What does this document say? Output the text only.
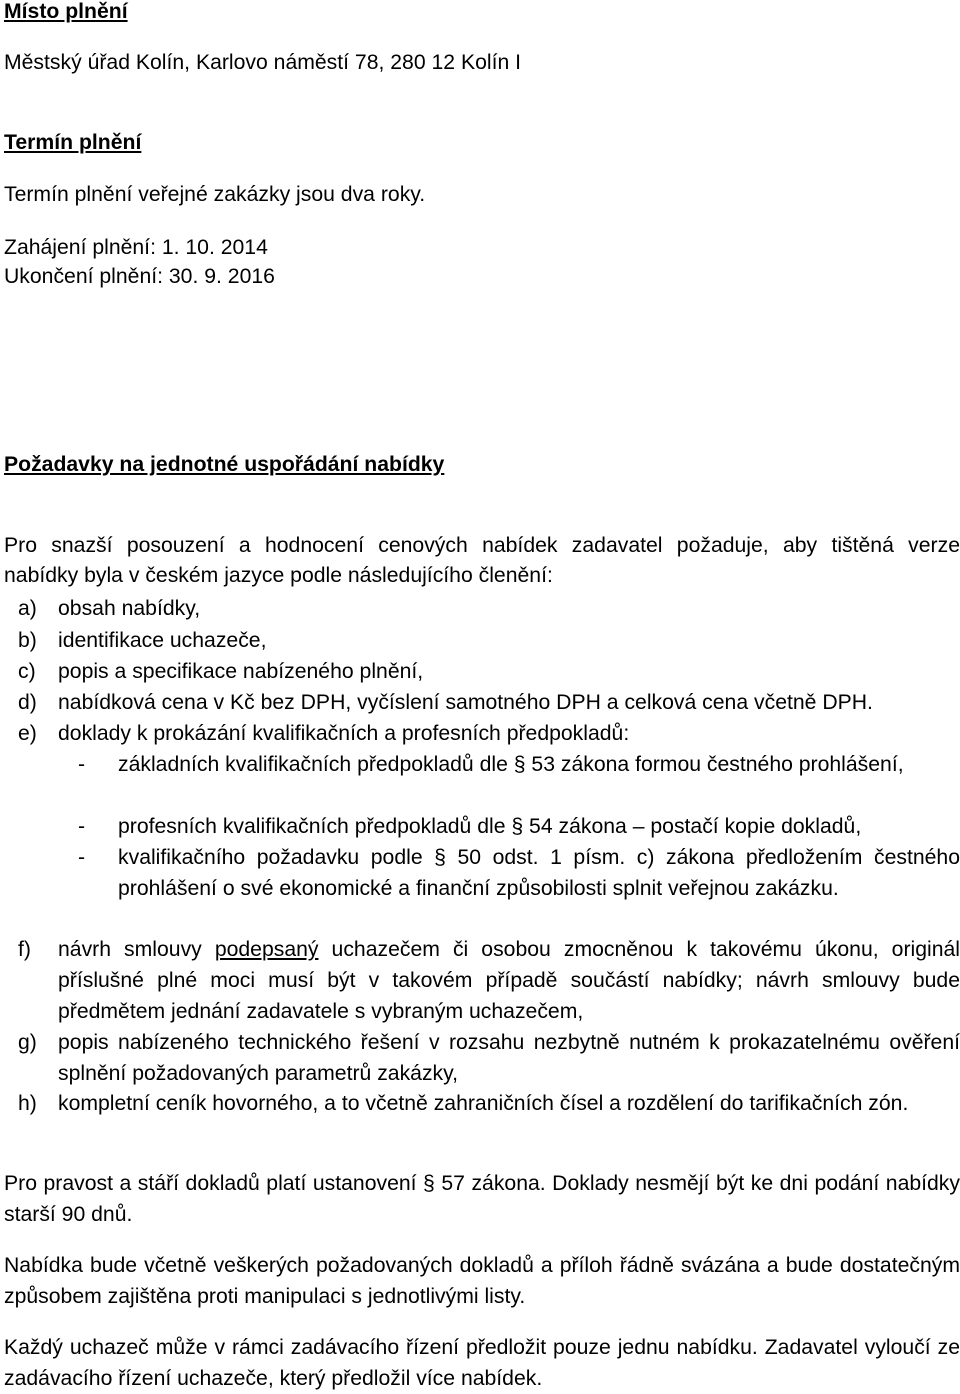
Místo plnění
Městský úřad Kolín, Karlovo náměstí 78, 280 12 Kolín I
Termín plnění
Termín plnění veřejné zakázky jsou dva roky.
Zahájení plnění: 1. 10. 2014
Ukončení plnění: 30. 9. 2016
Požadavky na jednotné uspořádání nabídky
Pro snazší posouzení a hodnocení cenových nabídek zadavatel požaduje, aby tištěná verze
nabídky byla v českém jazyce podle následujícího členění:
a) obsah nabídky,
b) identifikace uchazeče,
c) popis a specifikace nabízeného plnění,
d) nabídková cena v Kč bez DPH, vyčíslení samotného DPH a celková cena včetně DPH.
e) doklady k prokázání kvalifikačních a profesních předpokladů:
- základních kvalifikačních předpokladů dle § 53 zákona formou čestného prohlášení,
- profesních kvalifikačních předpokladů dle § 54 zákona – postačí kopie dokladů,
- kvalifikačního požadavku podle § 50 odst. 1 písm. c) zákona předložením čestného prohlášení o své ekonomické a finanční způsobilosti splnit veřejnou zakázku.
f) návrh smlouvy podepsaný uchazečem či osobou zmocněnou k takovému úkonu, originál příslušné plné moci musí být v takovém případě součástí nabídky; návrh smlouvy bude předmětem jednání zadavatele s vybraným uchazečem,
g) popis nabízeného technického řešení v rozsahu nezbytně nutném k prokazatelnému ověření splnění požadovaných parametrů zakázky,
h) kompletní ceník hovorného, a to včetně zahraničních čísel a rozdělení do tarifikačních zón.
Pro pravost a stáří dokladů platí ustanovení § 57 zákona. Doklady nesmějí být ke dni podání nabídky starší 90 dnů.
Nabídka bude včetně veškerých požadovaných dokladů a příloh řádně svázána a bude dostatečným způsobem zajištěna proti manipulaci s jednotlivými listy.
Každý uchazeč může v rámci zadávacího řízení předložit pouze jednu nabídku. Zadavatel vyloučí ze zadávacího řízení uchazeče, který předložil více nabídek.
